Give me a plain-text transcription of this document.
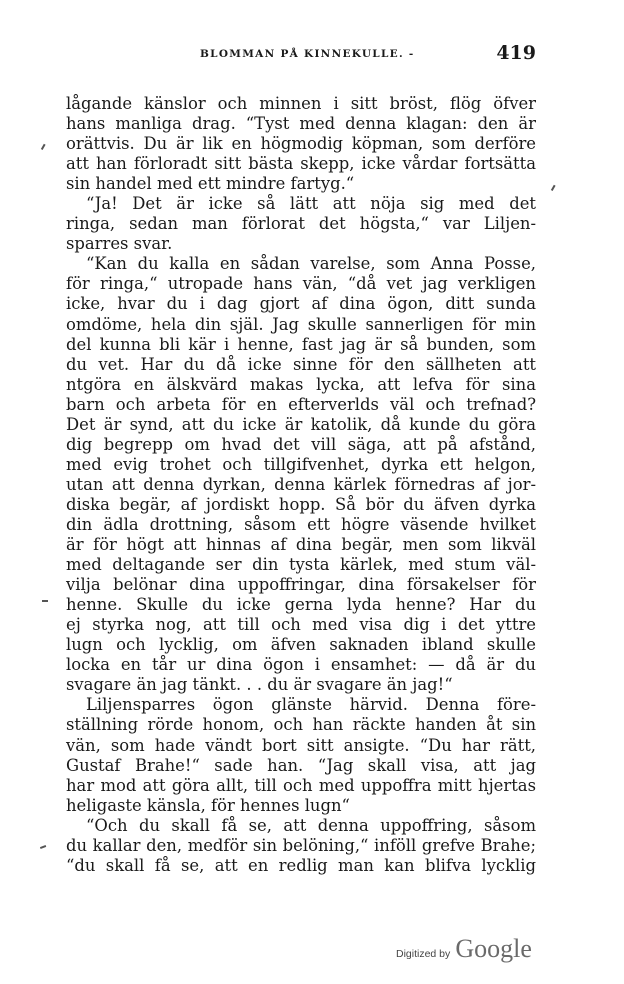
BLOMMAN PÅ KINNEKULLE. -	419
lågande känslor och minnen i sitt bröst, flög öfver
hans manliga drag. “Tyst med denna klagan: den är
orättvis. Du är lik en högmodig köpman, som derföre
att han förloradt sitt bästa skepp, icke vårdar fortsätta
sin handel med ett mindre fartyg.“
“Ja! Det är icke så lätt att nöja sig med det
ringa, sedan man förlorat det högsta,“ var Liljen-
sparres svar.
“Kan du kalla en sådan varelse, som Anna Posse,
för ringa,“ utropade hans vän, “då vet jag verkligen
icke, hvar du i dag gjort af dina ögon, ditt sunda
omdöme, hela din själ. Jag skulle sannerligen för min
del kunna bli kär i henne, fast jag är så bunden, som
du vet. Har du då icke sinne för den sällheten att
ntgöra en älskvärd makas lycka, att lefva för sina
barn och arbeta för en efterverlds väl och trefnad?
Det är synd, att du icke är katolik, då kunde du göra
dig begrepp om hvad det vill säga, att på afstånd,
med evig trohet och tillgifvenhet, dyrka ett helgon,
utan att denna dyrkan, denna kärlek förnedras af jor-
diska begär, af jordiskt hopp. Så bör du äfven dyrka
din ädla drottning, såsom ett högre väsende hvilket
är för högt att hinnas af dina begär, men som likväl
med deltagande ser din tysta kärlek, med stum väl-
vilja belönar dina uppoffringar, dina försakelser för
henne. Skulle du icke gerna lyda henne? Har du
ej styrka nog, att till och med visa dig i det yttre
lugn och lycklig, om äfven saknaden ibland skulle
locka en tår ur dina ögon i ensamhet: — då är du
svagare än jag tänkt. . . du är svagare än jag!“
Liljensparres ögon glänste härvid. Denna före-
ställning rörde honom, och han räckte handen åt sin
vän, som hade vändt bort sitt ansigte. “Du har rätt,
Gustaf Brahe!“ sade han. “Jag skall visa, att jag
har mod att göra allt, till och med uppoffra mitt hjertas
heligaste känsla, för hennes lugn“
“Och du skall få se, att denna uppoffring, såsom
du kallar den, medför sin belöning,“ inföll grefve Brahe;
“du skall få se, att en redlig man kan blifva lycklig
Digitized by Google
